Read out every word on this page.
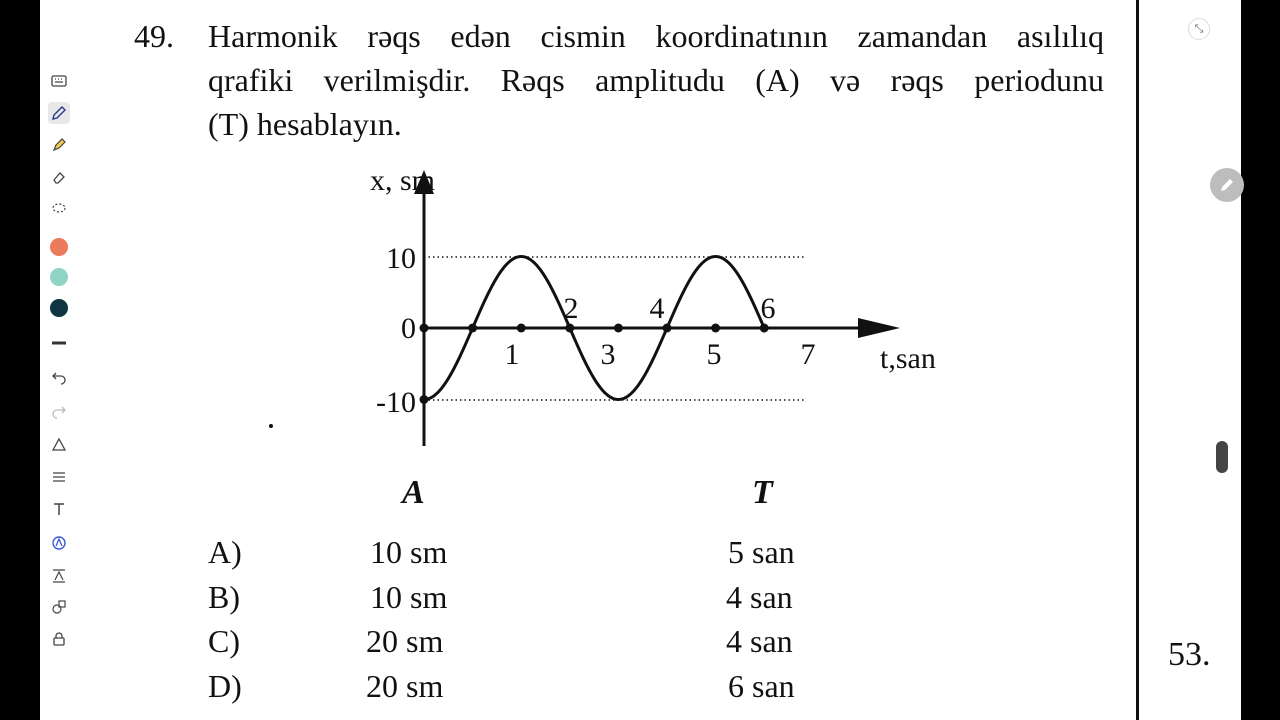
49. Harmonik rəqs edən cismin koordinatının zamandan asılılıq
qrafiki verilmişdir. Rəqs amplitudu (A) və rəqs periodunu
(T) hesablayın.
x, sm
t,san
10
0
-10
1	3	5	7
2 4	6
A	T
A)	10 sm	5 san
B)	10 sm	4 san
C)	20 sm	4 san
D)	20 sm	6 san
⤡
53.
